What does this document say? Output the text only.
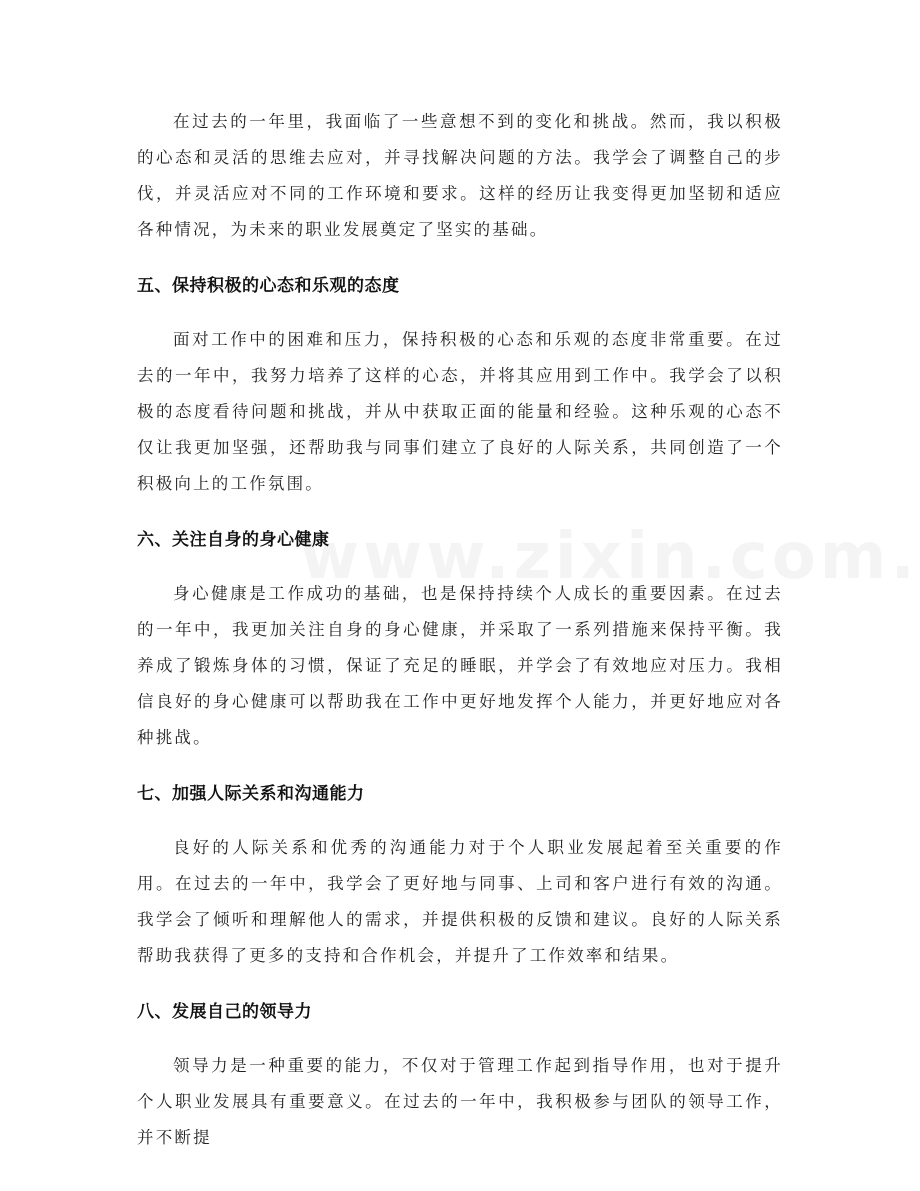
在过去的一年里，我面临了一些意想不到的变化和挑战。然而，我以积极的心态和灵活的思维去应对，并寻找解决问题的方法。我学会了调整自己的步伐，并灵活应对不同的工作环境和要求。这样的经历让我变得更加坚韧和适应各种情况，为未来的职业发展奠定了坚实的基础。

五、保持积极的心态和乐观的态度

面对工作中的困难和压力，保持积极的心态和乐观的态度非常重要。在过去的一年中，我努力培养了这样的心态，并将其应用到工作中。我学会了以积极的态度看待问题和挑战，并从中获取正面的能量和经验。这种乐观的心态不仅让我更加坚强，还帮助我与同事们建立了良好的人际关系，共同创造了一个积极向上的工作氛围。

六、关注自身的身心健康

身心健康是工作成功的基础，也是保持持续个人成长的重要因素。在过去的一年中，我更加关注自身的身心健康，并采取了一系列措施来保持平衡。我养成了锻炼身体的习惯，保证了充足的睡眠，并学会了有效地应对压力。我相信良好的身心健康可以帮助我在工作中更好地发挥个人能力，并更好地应对各种挑战。

七、加强人际关系和沟通能力

良好的人际关系和优秀的沟通能力对于个人职业发展起着至关重要的作用。在过去的一年中，我学会了更好地与同事、上司和客户进行有效的沟通。我学会了倾听和理解他人的需求，并提供积极的反馈和建议。良好的人际关系帮助我获得了更多的支持和合作机会，并提升了工作效率和结果。

八、发展自己的领导力

领导力是一种重要的能力，不仅对于管理工作起到指导作用，也对于提升个人职业发展具有重要意义。在过去的一年中，我积极参与团队的领导工作，并不断提
